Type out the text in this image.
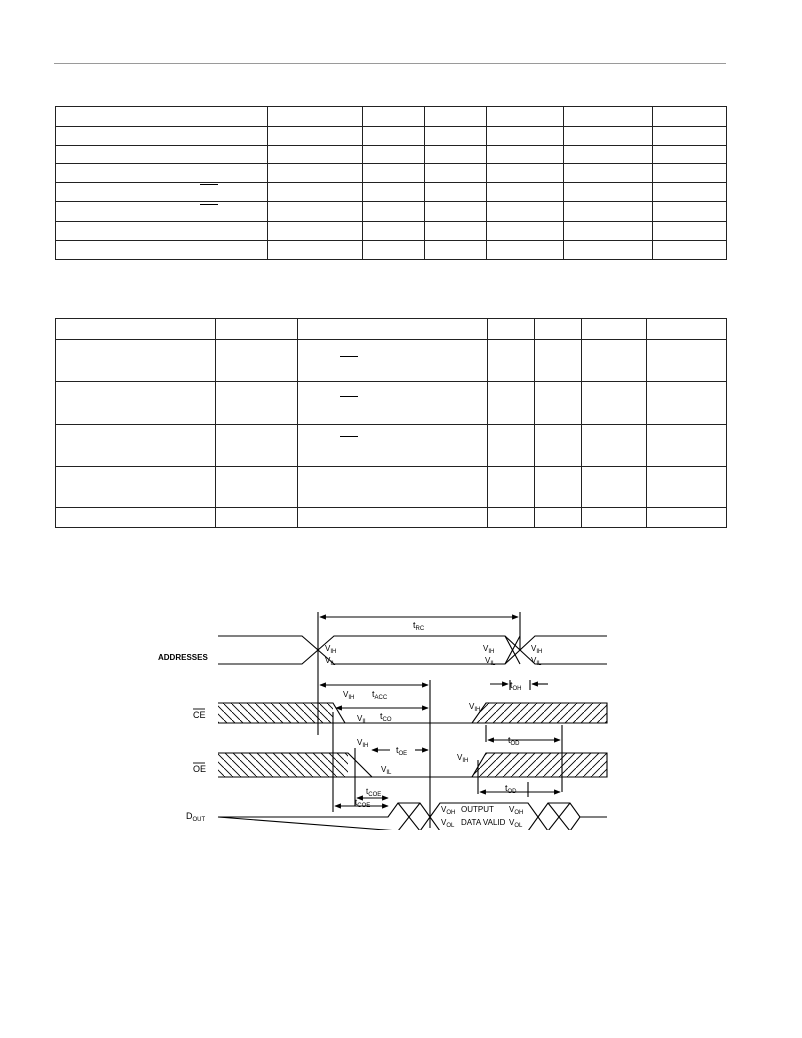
ADDRESSES
CE
OE
$D_{OUT}$
$t_{RC}$
$t_{OH}$
$t_{ACC}$
$t_{CO}$
$t_{OD}$
$t_{OE}$
$t_{OD}$
$t_{COE}$
$t_{COE}$
$V_{IH}$
$V_{IL}$
$V_{IH}$
$V_{IL}$
$V_{IH}$
$V_{IL}$
$V_{IH}$
$V_{IL}$
$V_{IH}$
$V_{IH}$
$V_{IL}$
$V_{IH}$
$V_{OH}$
$V_{OL}$
$V_{OH}$
$V_{OL}$
OUTPUT
DATA VALID
